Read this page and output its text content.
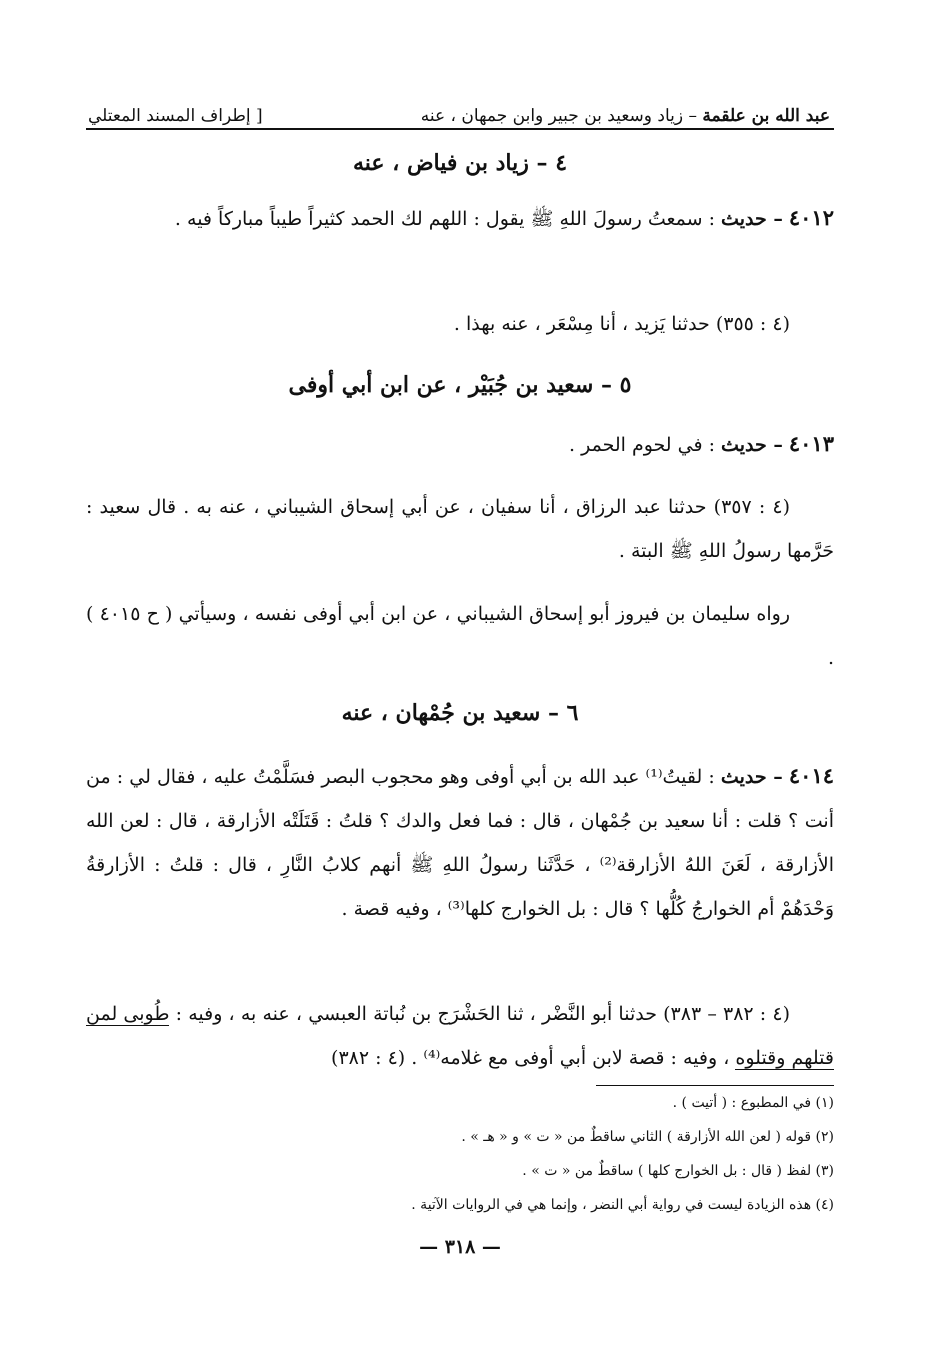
عبد الله بن علقمة – زياد وسعيد بن جبير وابن جمهان ، عنه
[ إطراف المسند المعتلي
٤ – زياد بن فياض ، عنه
٤٠١٢ – حديث : سمعتُ رسولَ اللهِ ﷺ يقول : اللهم لك الحمد كثيراً طيباً مباركاً فيه .
(٤ : ٣٥٥) حدثنا يَزيد ، أنا مِسْعَر ، عنه بهذا .
٥ – سعيد بن جُبَيْر ، عن ابن أبي أوفى
٤٠١٣ – حديث : في لحوم الحمر .
(٤ : ٣٥٧) حدثنا عبد الرزاق ، أنا سفيان ، عن أبي إسحاق الشيباني ، عنه به . قال سعيد : حَرَّمها رسولُ اللهِ ﷺ البتة .
رواه سليمان بن فيروز أبو إسحاق الشيباني ، عن ابن أبي أوفى نفسه ، وسيأتي ( ح ٤٠١٥ ) .
٦ – سعيد بن جُمْهان ، عنه
٤٠١٤ – حديث : لقيتُ⁽¹⁾ عبد الله بن أبي أوفى وهو محجوب البصر فسَلَّمْتُ عليه ، فقال لي : من أنت ؟ قلت : أنا سعيد بن جُمْهان ، قال : فما فعل والدك ؟ قلتُ : قَتَلَتْه الأزارقة ، قال : لعن الله الأزارقة ، لَعَنَ اللهُ الأزارقة⁽²⁾ ، حَدَّثَنا رسولُ اللهِ ﷺ أنهم كلابُ النَّارِ ، قال : قلتُ : الأزارقةُ وَحْدَهُمْ أم الخوارجُ كُلُّها ؟ قال : بل الخوارج كلها⁽³⁾ ، وفيه قصة .
(٤ : ٣٨٢ – ٣٨٣) حدثنا أبو النَّضْر ، ثنا الحَشْرَج بن نُباتة العبسي ، عنه به ، وفيه : طُوبى لمن قتلهم وقتلوه ، وفيه : قصة لابن أبي أوفى مع غلامه⁽⁴⁾ . (٤ : ٣٨٢)
(١) في المطبوع : ( أتيت ) .
(٢) قوله ( لعن الله الأزارقة ) الثاني ساقطٌ من « ت » و « هـ » .
(٣) لفظ ( قال : بل الخوارج كلها ) ساقطٌ من « ت » .
(٤) هذه الزيادة ليست في رواية أبي النضر ، وإنما هي في الروايات الآتية .
— ٣١٨ —
